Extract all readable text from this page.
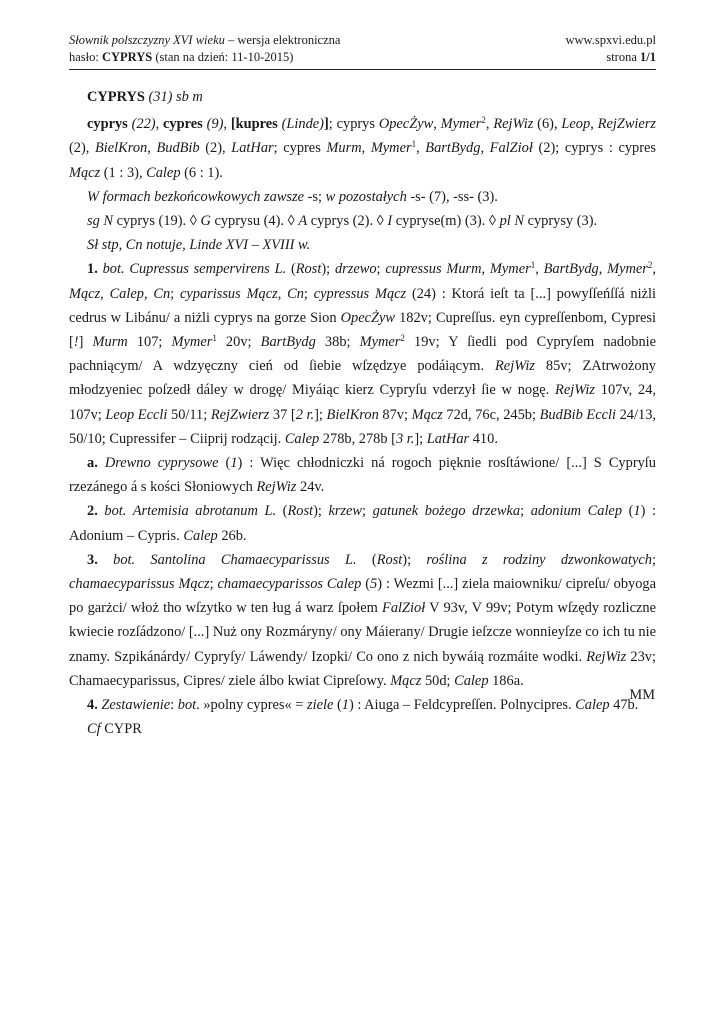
Słownik polszczyzny XVI wieku – wersja elektroniczna	www.spxvi.edu.pl
hasło: CYPRYS (stan na dzień: 11-10-2015)	strona 1/1

CYPRYS (31) sb m

cyprys (22), cypres (9), [kupres (Linde)]; cyprys OpecŻyw, Mymer$^2$, RejWiz (6), Leop, RejZwierz (2), BielKron, BudBib (2), LatHar; cypres Murm, Mymer$^1$, BartBydg, FalZioł (2); cyprys : cypres Mącz (1 : 3), Calep (6 : 1).

W formach bezkońcowkowych zawsze -s; w pozostałych -s- (7), -ss- (3).

sg N cyprys (19). ◊ G cyprysu (4). ◊ A cyprys (2). ◊ I cypryse(m) (3). ◊ pl N cyprysy (3).

Sł stp, Cn notuje, Linde XVI – XVIII w.

1. bot. Cupressus sempervirens L. (Rost); drzewo; cupressus Murm, Mymer$^1$, BartBydg, Mymer$^2$, Mącz, Calep, Cn; cyparissus Mącz, Cn; cypressus Mącz (24) : Ktorá ieſt ta [...] powyſſeńſſá niżli cedrus w Libánu/ a niżli cyprys na gorze Sion OpecŻyw 182v; Cupreſſus. eyn cypreſſenbom, Cypresi [!] Murm 107; Mymer$^1$ 20v; BartBydg 38b; Mymer$^2$ 19v; Y ſiedli pod Cypryſem nadobnie pachniącym/ A wdzyęczny cień od ſiebie wſzędzye podáiącym. RejWiz 85v; ZAtrwożony młodzyeniec poſzedł dáley w drogę/ Miyáiąc kierz Cypryſu vderzył ſie w nogę. RejWiz 107v, 24, 107v; Leop Eccli 50/11; RejZwierz 37 [2 r.]; BielKron 87v; Mącz 72d, 76c, 245b; BudBib Eccli 24/13, 50/10; Cupressifer – Ciiprij rodzącij. Calep 278b, 278b [3 r.]; LatHar 410.

a. Drewno cyprysowe (1) : Więc chłodniczki ná rogoch pięknie rosſtáwione/ [...] S Cypryſu rzezánego á s kości Słoniowych RejWiz 24v.

2. bot. Artemisia abrotanum L. (Rost); krzew; gatunek bożego drzewka; adonium Calep (1) : Adonium – Cypris. Calep 26b.

3. bot. Santolina Chamaecyparissus L. (Rost); roślina z rodziny dzwonkowatych; chamaecyparissus Mącz; chamaecyparissos Calep (5) : Wezmi [...] ziela maiowniku/ cipreſu/ obyoga po garżci/ włoż tho wſzytko w ten ług á warz ſpołem FalZioł V 93v, V 99v; Potym wſzędy rozliczne kwiecie rozſádzono/ [...] Nuż ony Rozmáryny/ ony Máierany/ Drugie ieſzcze wonnieyſze co ich tu nie znamy. Szpikánárdy/ Cypryſy/ Láwendy/ Izopki/ Co ono z nich bywáią rozmáite wodki. RejWiz 23v; Chamaecyparissus, Cipres/ ziele álbo kwiat Cipreſowy. Mącz 50d; Calep 186a.

4. Zestawienie: bot. »polny cypres« = ziele (1) : Aiuga – Feldcypreſſen. Polnycipres. Calep 47b.

Cf CYPR

MM
